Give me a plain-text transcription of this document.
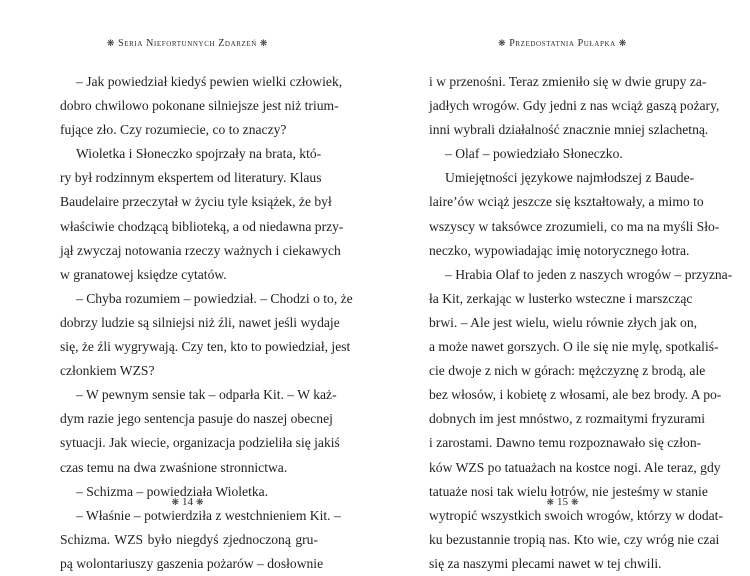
❋ Seria Niefortunnych Zdarzeń ❋
– Jak powiedział kiedyś pewien wielki człowiek,
dobro chwilowo pokonane silniejsze jest niż trium-
fujące zło. Czy rozumiecie, co to znaczy?
Wioletka i Słoneczko spojrzały na brata, któ-
ry był rodzinnym ekspertem od literatury. Klaus
Baudelaire przeczytał w życiu tyle książek, że był
właściwie chodzącą biblioteką, a od niedawna przy-
jął zwyczaj notowania rzeczy ważnych i ciekawych
w granatowej księdze cytatów.
– Chyba rozumiem – powiedział. – Chodzi o to, że
dobrzy ludzie są silniejsi niż źli, nawet jeśli wydaje
się, że źli wygrywają. Czy ten, kto to powiedział, jest
członkiem WZS?
– W pewnym sensie tak – odparła Kit. – W każ-
dym razie jego sentencja pasuje do naszej obecnej
sytuacji. Jak wiecie, organizacja podzieliła się jakiś
czas temu na dwa zwaśnione stronnictwa.
– Schizma – powiedziała Wioletka.
– Właśnie – potwierdziła z westchnieniem Kit. –
Schizma. WZS było niegdyś zjednoczoną gru-
pą wolontariuszy gaszenia pożarów – dosłownie
❋ 14 ❋
❋ Przedostatnia Pułapka ❋
i w przenośni. Teraz zmieniło się w dwie grupy za-
jadłych wrogów. Gdy jedni z nas wciąż gaszą pożary,
inni wybrali działalność znacznie mniej szlachetną.
– Olaf – powiedziało Słoneczko.
Umiejętności językowe najmłodszej z Baude-
laire’ów wciąż jeszcze się kształtowały, a mimo to
wszyscy w taksówce zrozumieli, co ma na myśli Sło-
neczko, wypowiadając imię notorycznego łotra.
– Hrabia Olaf to jeden z naszych wrogów – przyzna-
ła Kit, zerkając w lusterko wsteczne i marszcząc
brwi. – Ale jest wielu, wielu równie złych jak on,
a może nawet gorszych. O ile się nie mylę, spotkaliś-
cie dwoje z nich w górach: mężczyznę z brodą, ale
bez włosów, i kobietę z włosami, ale bez brody. A po-
dobnych im jest mnóstwo, z rozmaitymi fryzurami
i zarostami. Dawno temu rozpoznawało się człon-
ków WZS po tatuażach na kostce nogi. Ale teraz, gdy
tatuaże nosi tak wielu łotrów, nie jesteśmy w stanie
wytropić wszystkich swoich wrogów, którzy w dodat-
ku bezustannie tropią nas. Kto wie, czy wróg nie czai
się za naszymi plecami nawet w tej chwili.
❋ 15 ❋
